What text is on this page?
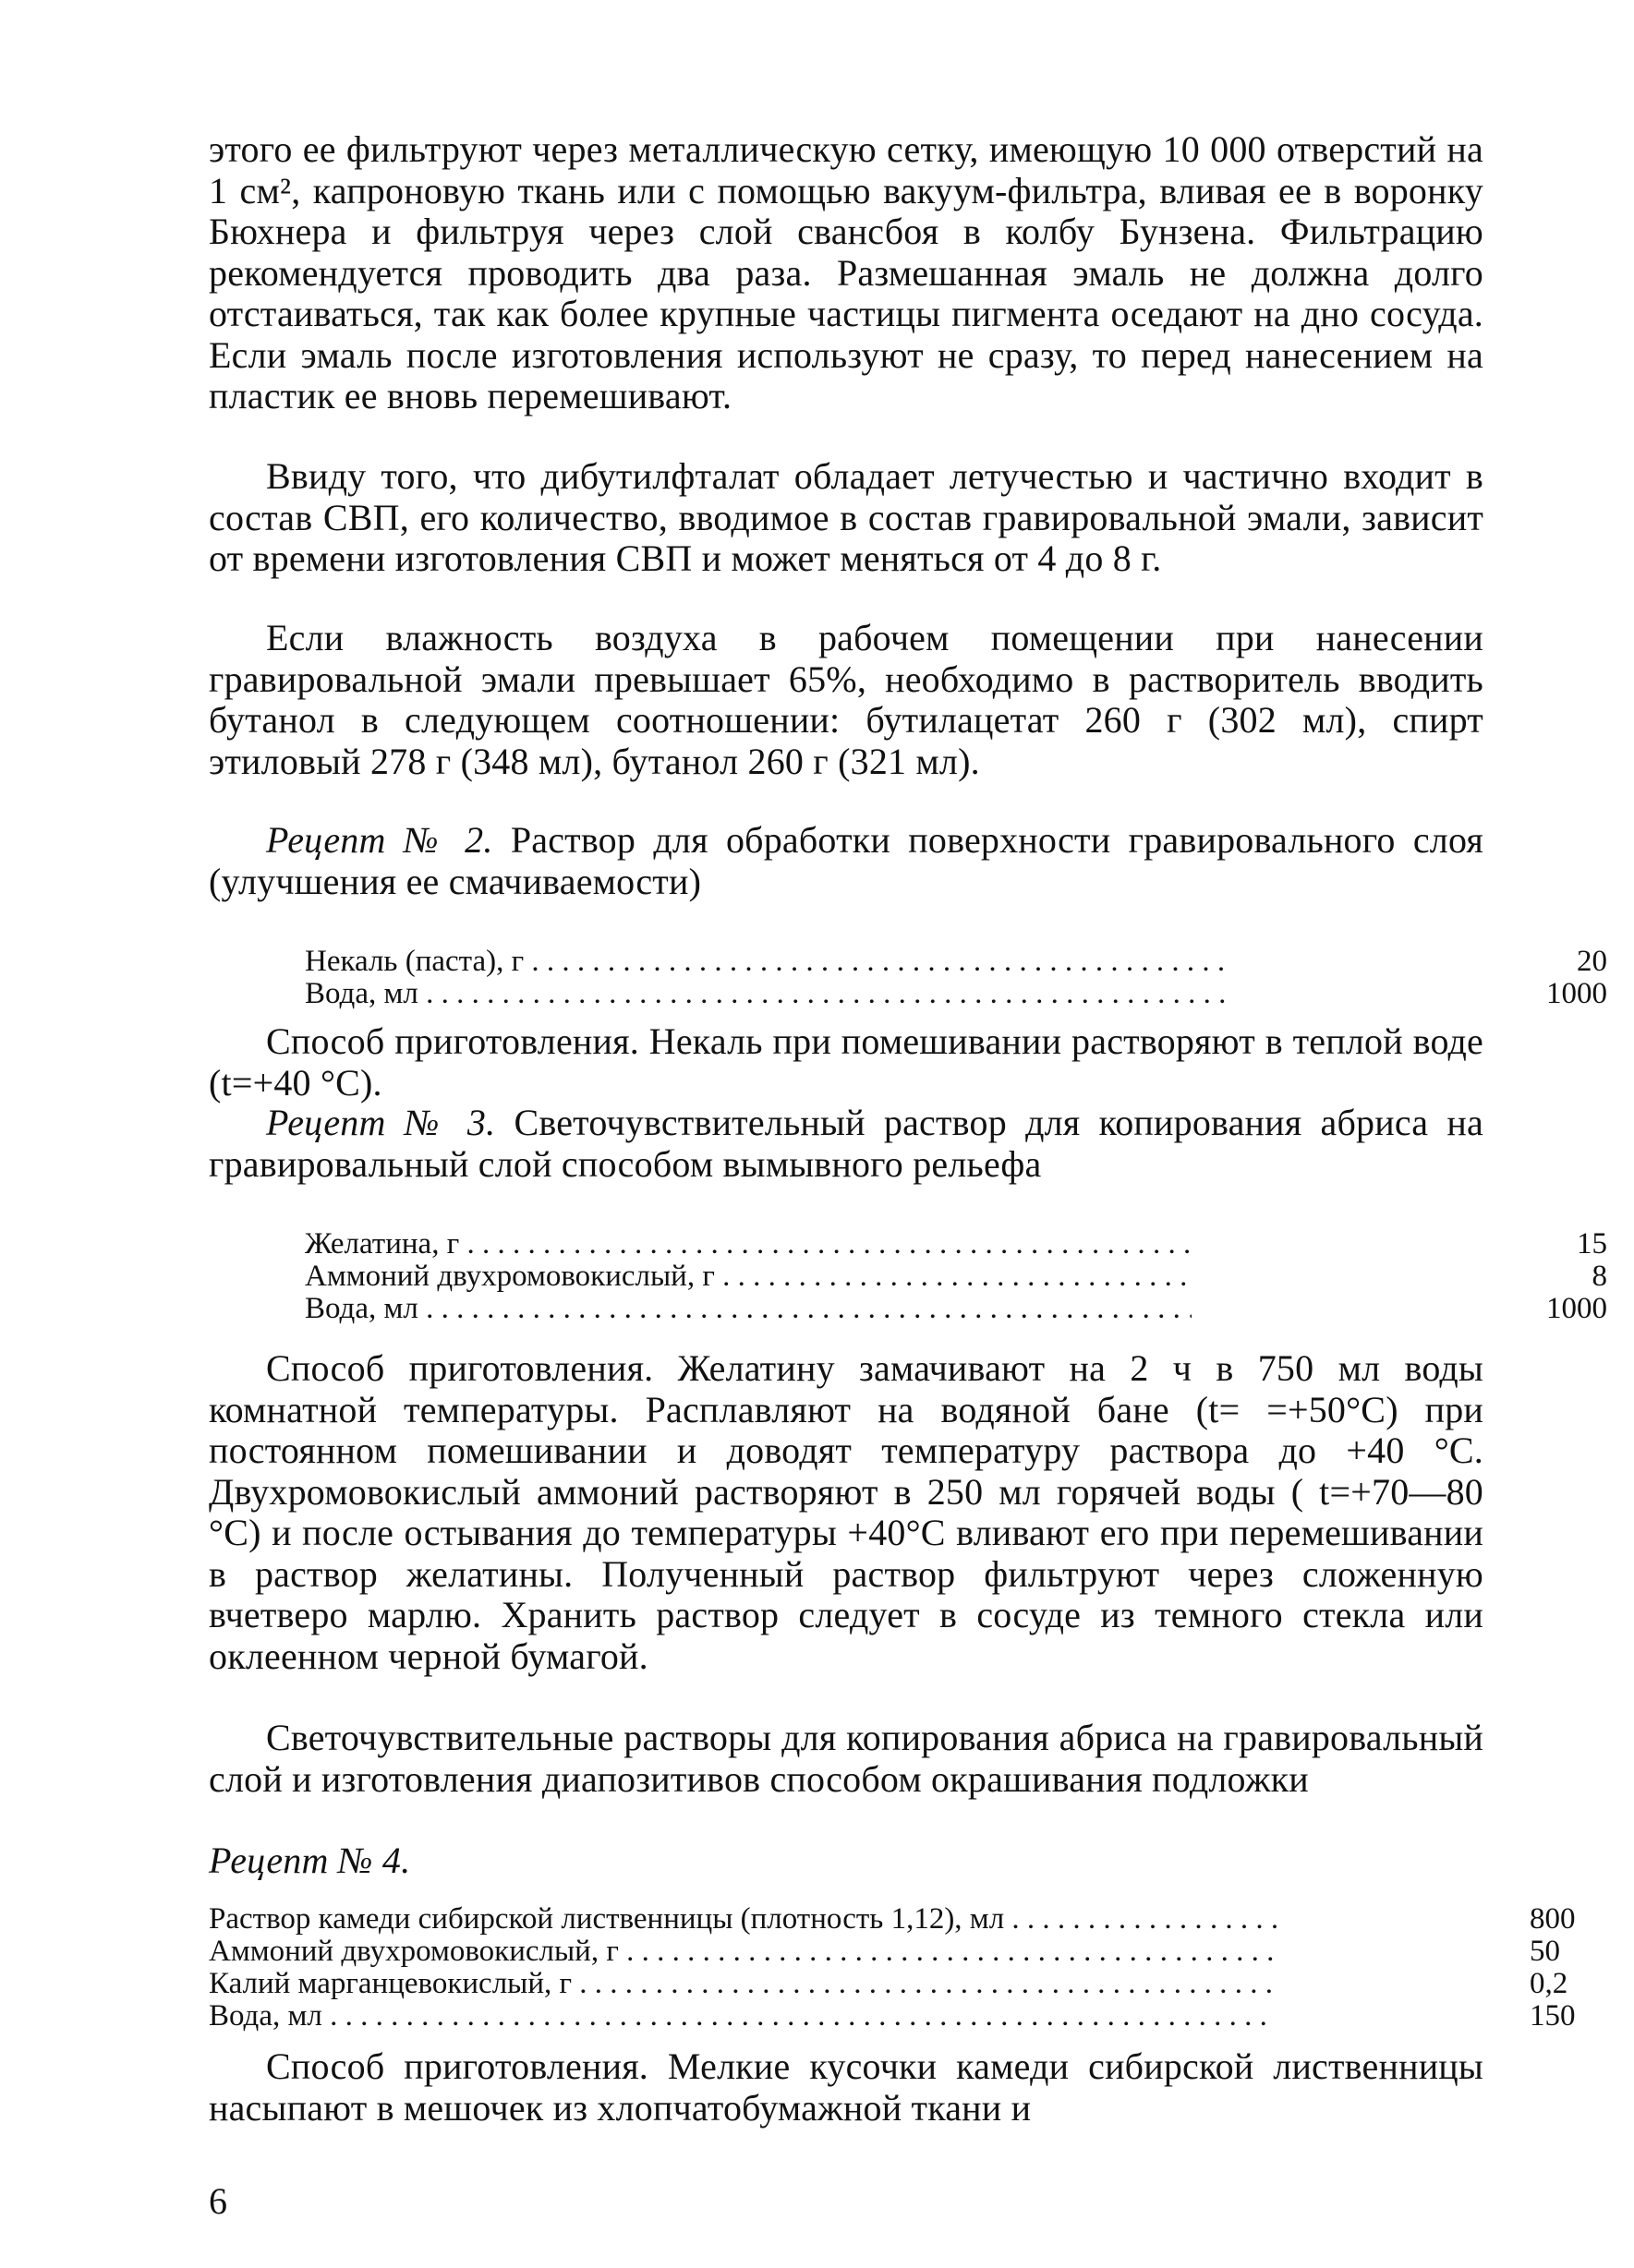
этого ее фильтруют через металлическую сетку, имеющую 10 000 отверстий на 1 см², капроновую ткань или с помощью вакуум-фильтра, вливая ее в воронку Бюхнера и фильтруя через слой свансбоя в колбу Бунзена. Фильтрацию рекомендуется проводить два раза. Размешанная эмаль не должна долго отстаиваться, так как более крупные частицы пигмента оседают на дно сосуда. Если эмаль после изготовления используют не сразу, то перед нанесением на пластик ее вновь перемешивают.

Ввиду того, что дибутилфталат обладает летучестью и частично входит в состав СВП, его количество, вводимое в состав гравировальной эмали, зависит от времени изготовления СВП и может меняться от 4 до 8 г.

Если влажность воздуха в рабочем помещении при нанесении гравировальной эмали превышает 65%, необходимо в растворитель вводить бутанол в следующем соотношении: бутилацетат 260 г (302 мл), спирт этиловый 278 г (348 мл), бутанол 260 г (321 мл).

Рецепт № 2. Раствор для обработки поверхности гравировального слоя (улучшения ее смачиваемости)

Некаль (паста), г . . .	20
Вода, мл . . .	1000

Способ приготовления. Некаль при помешивании растворяют в теплой воде (t=+40 °С).

Рецепт № 3. Светочувствительный раствор для копирования абриса на гравировальный слой способом вымывного рельефа

Желатина, г . . .	15
Аммоний двухромовокислый, г . . .	8
Вода, мл . . .	1000

Способ приготовления. Желатину замачивают на 2 ч в 750 мл воды комнатной температуры. Расплавляют на водяной бане (t= =+50°С) при постоянном помешивании и доводят температуру раствора до +40 °С. Двухромовокислый аммоний растворяют в 250 мл горячей воды ( t=+70—80 °С) и после остывания до температуры +40°С вливают его при перемешивании в раствор желатины. Полученный раствор фильтруют через сложенную вчетверо марлю. Хранить раствор следует в сосуде из темного стекла или оклеенном черной бумагой.

Светочувствительные растворы для копирования абриса на гравировальный слой и изготовления диапозитивов способом окрашивания подложки

Рецепт № 4.

Раствор камеди сибирской лиственницы (плотность 1,12), мл . . .	800
Аммоний двухромовокислый, г . . .	50
Калий марганцевокислый, г . . .	0,2
Вода, мл . . .	150

Способ приготовления. Мелкие кусочки камеди сибирской лиственницы насыпают в мешочек из хлопчатобумажной ткани и

6
